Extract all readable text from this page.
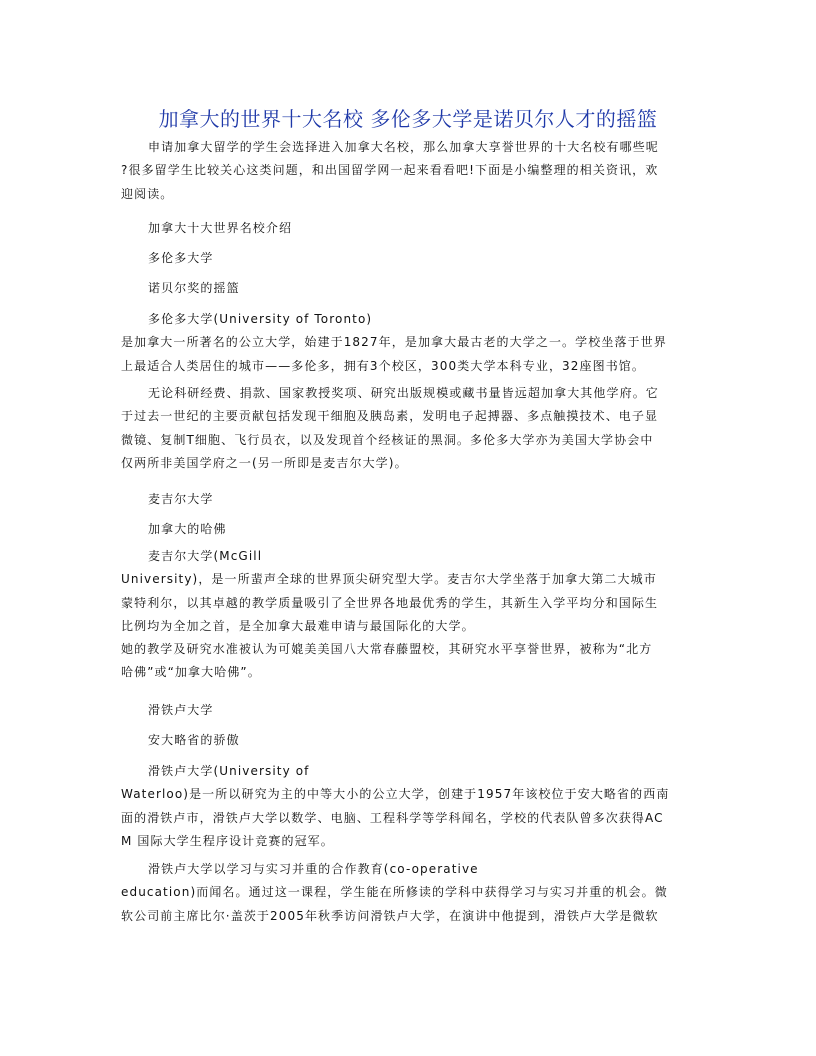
加拿大的世界十大名校 多伦多大学是诺贝尔人才的摇篮
申请加拿大留学的学生会选择进入加拿大名校，那么加拿大享誉世界的十大名校有哪些呢
?很多留学生比较关心这类问题，和出国留学网一起来看看吧!下面是小编整理的相关资讯，欢
迎阅读。
加拿大十大世界名校介绍
多伦多大学
诺贝尔奖的摇篮
多伦多大学(University of Toronto)
是加拿大一所著名的公立大学，始建于1827年，是加拿大最古老的大学之一。学校坐落于世界
上最适合人类居住的城市——多伦多，拥有3个校区，300类大学本科专业，32座图书馆。
无论科研经费、捐款、国家教授奖项、研究出版规模或藏书量皆远超加拿大其他学府。它
于过去一世纪的主要贡献包括发现干细胞及胰岛素，发明电子起搏器、多点触摸技术、电子显
微镜、复制T细胞、飞行员衣，以及发现首个经核证的黑洞。多伦多大学亦为美国大学协会中
仅两所非美国学府之一(另一所即是麦吉尔大学)。
麦吉尔大学
加拿大的哈佛
麦吉尔大学(McGill
University)，是一所蜚声全球的世界顶尖研究型大学。麦吉尔大学坐落于加拿大第二大城市
蒙特利尔，以其卓越的教学质量吸引了全世界各地最优秀的学生，其新生入学平均分和国际生
比例均为全加之首，是全加拿大最难申请与最国际化的大学。
她的教学及研究水准被认为可媲美美国八大常春藤盟校，其研究水平享誉世界，被称为“北方
哈佛”或“加拿大哈佛”。
滑铁卢大学
安大略省的骄傲
滑铁卢大学(University of
Waterloo)是一所以研究为主的中等大小的公立大学，创建于1957年该校位于安大略省的西南
面的滑铁卢市，滑铁卢大学以数学、电脑、工程科学等学科闻名，学校的代表队曾多次获得AC
M 国际大学生程序设计竞赛的冠军。
滑铁卢大学以学习与实习并重的合作教育(co-operative
education)而闻名。通过这一课程，学生能在所修读的学科中获得学习与实习并重的机会。微
软公司前主席比尔·盖茨于2005年秋季访问滑铁卢大学，在演讲中他提到，滑铁卢大学是微软
